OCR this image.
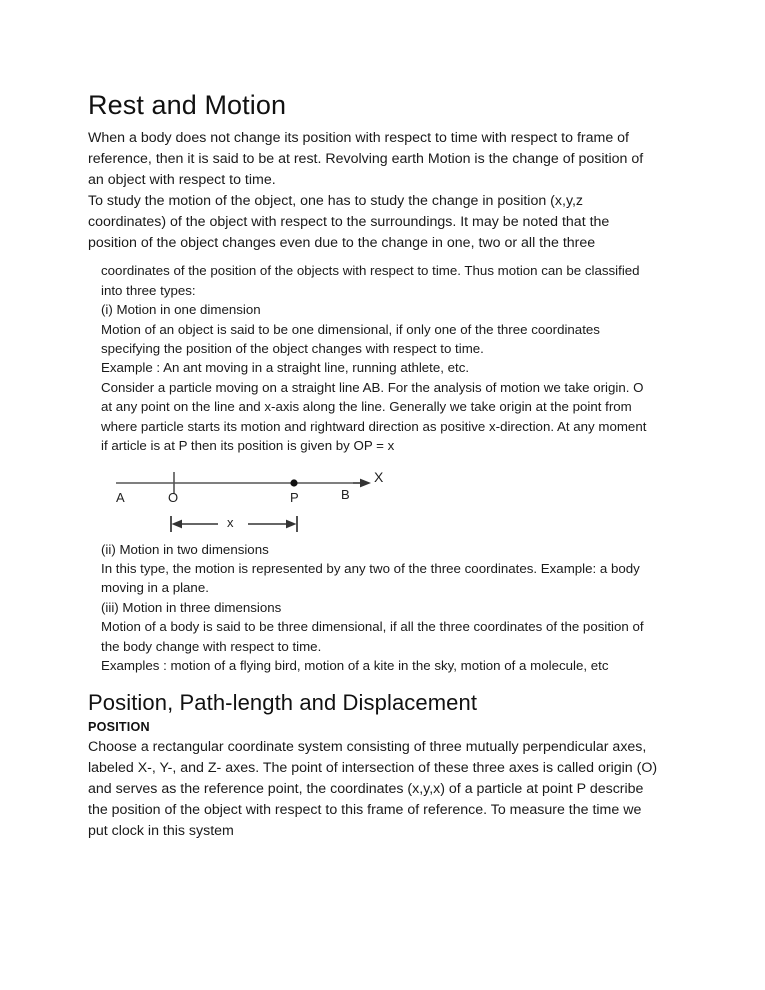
Rest and Motion

When a body does not change its position with respect to time with respect to frame of reference, then it is said to be at rest. Revolving earth Motion is the change of position of an object with respect to time.

To study the motion of the object, one has to study the change in position (x,y,z coordinates) of the object with respect to the surroundings. It may be noted that the position of the object changes even due to the change in one, two or all the three

coordinates of the position of the objects with respect to time. Thus motion can be classified into three types:

(i) Motion in one dimension

Motion of an object is said to be one dimensional, if only one of the three coordinates specifying the position of the object changes with respect to time.

Example : An ant moving in a straight line, running athlete, etc.

Consider a particle moving on a straight line AB. For the analysis of motion we take origin. O at any point on the line and x-axis along the line. Generally we take origin at the point from where particle starts its motion and rightward direction as positive x-direction. At any moment if article is at P then its position is given by OP = x

A	O	P	B
X
x

(ii) Motion in two dimensions

In this type, the motion is represented by any two of the three coordinates. Example: a body moving in a plane.

(iii) Motion in three dimensions

Motion of a body is said to be three dimensional, if all the three coordinates of the position of the body change with respect to time.

Examples : motion of a flying bird, motion of a kite in the sky, motion of a molecule, etc

Position, Path-length and Displacement
POSITION

Choose a rectangular coordinate system consisting of three mutually perpendicular axes, labeled X-, Y-, and Z- axes. The point of intersection of these three axes is called origin (O) and serves as the reference point, the coordinates (x,y,x) of a particle at point P describe the position of the object with respect to this frame of reference. To measure the time we put clock in this system
